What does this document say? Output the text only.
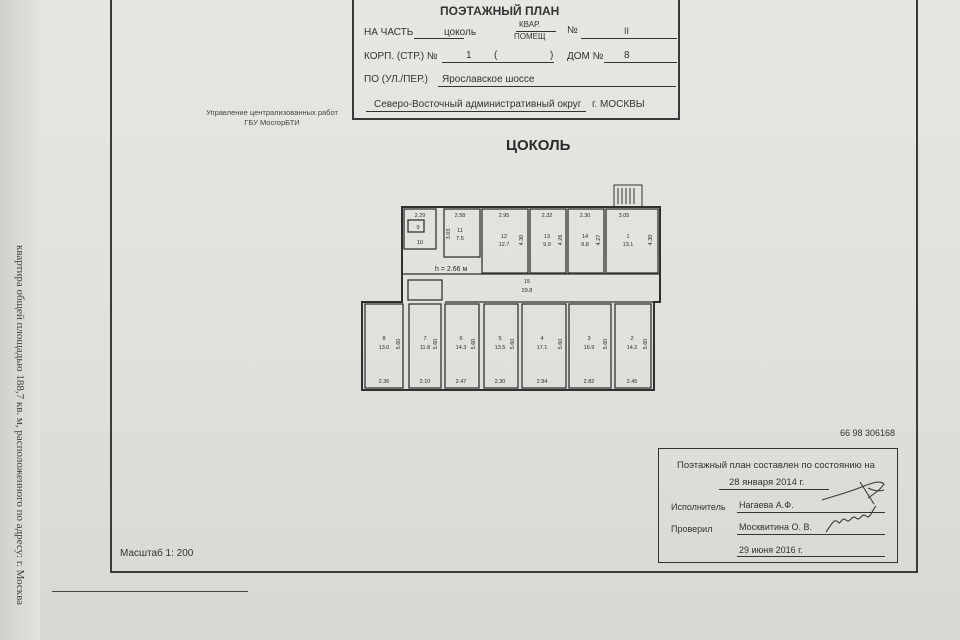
квартира общей площадью 188,7 кв. м, расположенного по адресу: г. Москва
ПОЭТАЖНЫЙ ПЛАН
НА ЧАСТЬ	цоколь
КВАР.
ПОМЕЩ
№	II
КОРП. (СТР.) №	1 (	) ДОМ № 8
ПО (УЛ./ПЕР.) Ярославское шоссе
Северо-Восточный административный округ г. МОСКВЫ
Управление централизованных работ
ГБУ МосгорБТИ
ЦОКОЛЬ
2.29
10
9
2.58
11
7.5
3.03
2.95
12
12.7 4.30
2.32
13
9.9 4.26
2.30
14
9.8 4.27
3.05
1
13.1	4.30
h = 2.66 м
15
29.8
8
13.0 5.60
2.36
7
11.8 5.60
2.10
6
14.3 5.60
2.47
5
13.5 5.60
2.30
4
17.1 5.60
2.94
3
16.9 5.60
2.82
2
14.2 5.60
2.45
66 98 306168
Поэтажный план составлен по состоянию на
28 января 2014 г.
Исполнитель Нагаева А.Ф.
Проверил	Москвитина О. В.
29 июня 2016 г.
Масштаб 1: 200
